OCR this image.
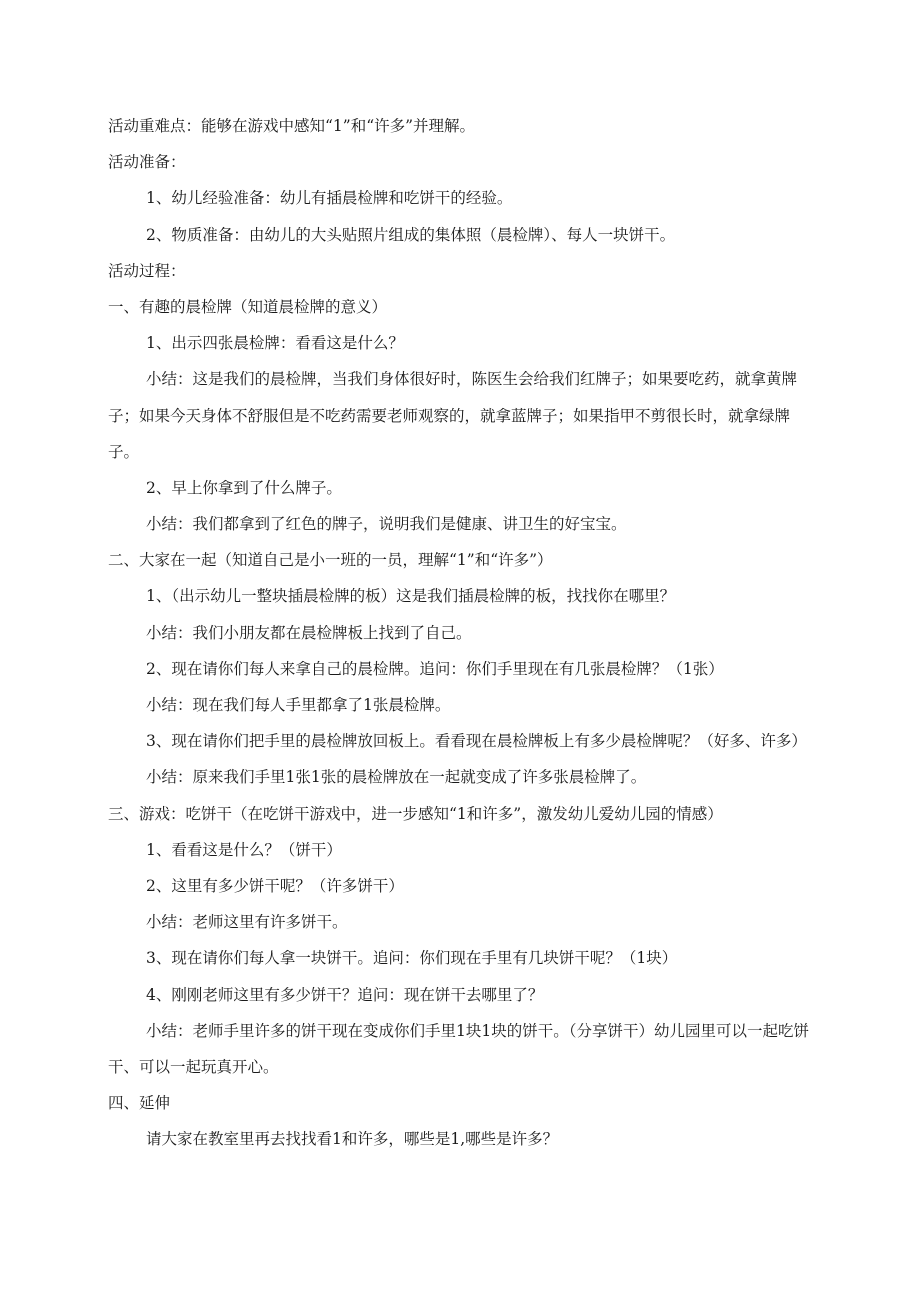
活动重难点：能够在游戏中感知“1”和“许多”并理解。

活动准备：

1、幼儿经验准备：幼儿有插晨检牌和吃饼干的经验。

2、物质准备：由幼儿的大头贴照片组成的集体照（晨检牌）、每人一块饼干。

活动过程：

一、有趣的晨检牌（知道晨检牌的意义）

1、出示四张晨检牌：看看这是什么？

小结：这是我们的晨检牌，当我们身体很好时，陈医生会给我们红牌子；如果要吃药，就拿黄牌子；如果今天身体不舒服但是不吃药需要老师观察的，就拿蓝牌子；如果指甲不剪很长时，就拿绿牌子。

2、早上你拿到了什么牌子。

小结：我们都拿到了红色的牌子，说明我们是健康、讲卫生的好宝宝。

二、大家在一起（知道自己是小一班的一员，理解“1”和“许多”）

1、（出示幼儿一整块插晨检牌的板）这是我们插晨检牌的板，找找你在哪里？

小结：我们小朋友都在晨检牌板上找到了自己。

2、现在请你们每人来拿自己的晨检牌。追问：你们手里现在有几张晨检牌？（1张）

小结：现在我们每人手里都拿了1张晨检牌。

3、现在请你们把手里的晨检牌放回板上。看看现在晨检牌板上有多少晨检牌呢？（好多、许多）

小结：原来我们手里1张1张的晨检牌放在一起就变成了许多张晨检牌了。

三、游戏：吃饼干（在吃饼干游戏中，进一步感知“1和许多”，激发幼儿爱幼儿园的情感）

1、看看这是什么？（饼干）

2、这里有多少饼干呢？（许多饼干）

小结：老师这里有许多饼干。

3、现在请你们每人拿一块饼干。追问：你们现在手里有几块饼干呢？（1块）

4、刚刚老师这里有多少饼干？追问：现在饼干去哪里了？

小结：老师手里许多的饼干现在变成你们手里1块1块的饼干。（分享饼干）幼儿园里可以一起吃饼干、可以一起玩真开心。

四、延伸

请大家在教室里再去找找看1和许多，哪些是1,哪些是许多？
